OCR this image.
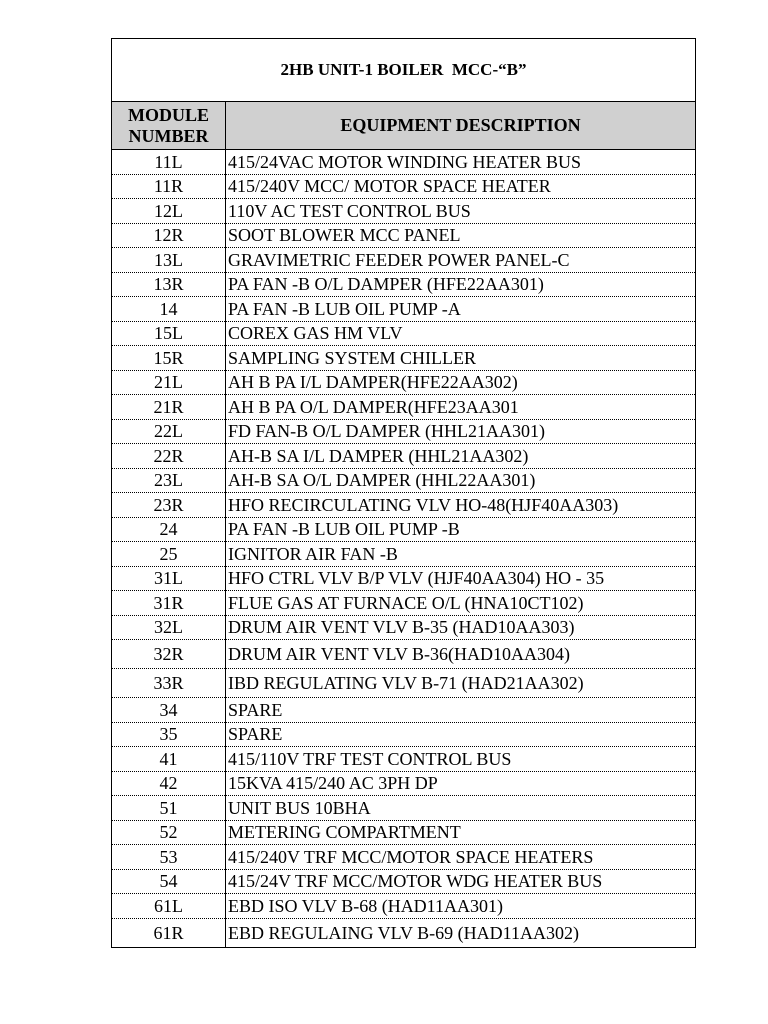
2HB UNIT-1 BOILER  MCC-“B”	
MODULE NUMBER	EQUIPMENT DESCRIPTION
11L	415/24VAC MOTOR WINDING HEATER BUS
11R	415/240V MCC/ MOTOR SPACE HEATER
12L	110V AC TEST CONTROL BUS
12R	SOOT BLOWER MCC PANEL
13L	GRAVIMETRIC FEEDER POWER PANEL-C
13R	PA FAN -B O/L DAMPER (HFE22AA301)
14	PA FAN -B LUB OIL PUMP -A
15L	COREX GAS HM VLV
15R	SAMPLING SYSTEM CHILLER
21L	AH B PA I/L DAMPER(HFE22AA302)
21R	AH B PA O/L DAMPER(HFE23AA301
22L	FD FAN-B O/L DAMPER (HHL21AA301)
22R	AH-B SA I/L DAMPER (HHL21AA302)
23L	AH-B SA O/L DAMPER (HHL22AA301)
23R	HFO RECIRCULATING VLV HO-48(HJF40AA303)
24	PA FAN -B LUB OIL PUMP -B
25	IGNITOR AIR FAN -B
31L	HFO CTRL VLV B/P VLV (HJF40AA304) HO - 35
31R	FLUE GAS AT FURNACE O/L (HNA10CT102)
32L	DRUM AIR VENT VLV B-35 (HAD10AA303)
32R	DRUM AIR VENT VLV B-36(HAD10AA304)
33R	IBD REGULATING VLV B-71 (HAD21AA302)
34	SPARE
35	SPARE
41	415/110V TRF TEST CONTROL BUS
42	15KVA 415/240 AC 3PH DP
51	UNIT BUS 10BHA
52	METERING COMPARTMENT
53	415/240V TRF MCC/MOTOR SPACE HEATERS
54	415/24V TRF MCC/MOTOR WDG HEATER BUS
61L	EBD ISO VLV B-68 (HAD11AA301)
61R	EBD REGULAING VLV B-69 (HAD11AA302)
